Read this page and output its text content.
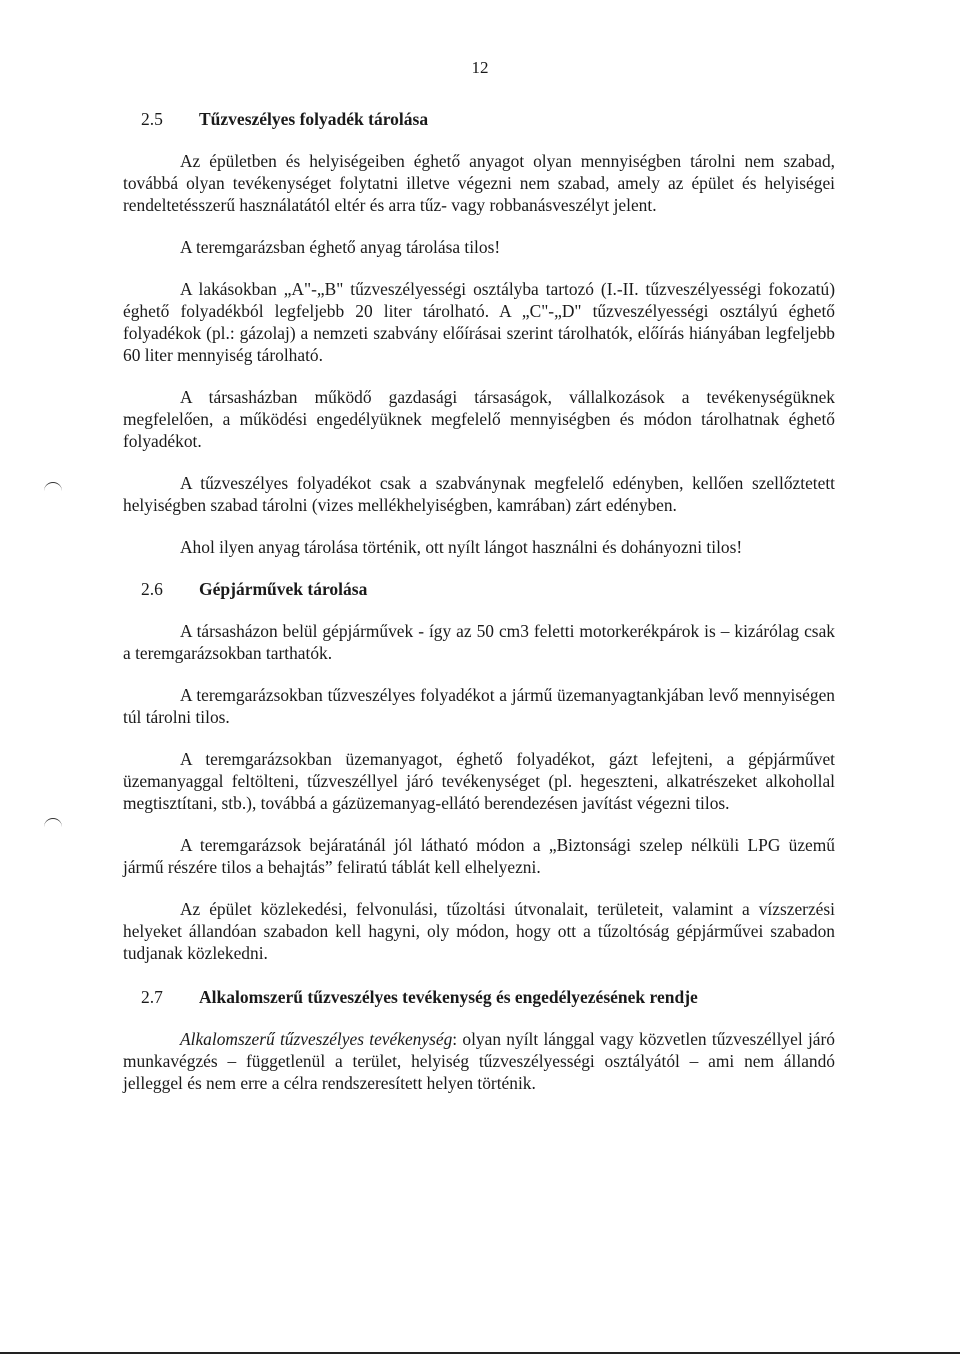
12
2.5	Tűzveszélyes folyadék tárolása

Az épületben és helyiségeiben éghető anyagot olyan mennyiségben tárolni nem szabad, továbbá olyan tevékenységet folytatni illetve végezni nem szabad, amely az épület és helyiségei rendeltetésszerű használatától eltér és arra tűz- vagy robbanásveszélyt jelent.

A teremgarázsban éghető anyag tárolása tilos!

A lakásokban „A"-„B" tűzveszélyességi osztályba tartozó (I.-II. tűzveszélyességi fokozatú) éghető folyadékból legfeljebb 20 liter tárolható. A „C"-„D" tűzveszélyességi osztályú éghető folyadékok (pl.: gázolaj) a nemzeti szabvány előírásai szerint tárolhatók, előírás hiányában legfeljebb 60 liter mennyiség tárolható.

A társasházban működő gazdasági társaságok, vállalkozások a tevékenységüknek megfelelően, a működési engedélyüknek megfelelő mennyiségben és módon tárolhatnak éghető folyadékot.

A tűzveszélyes folyadékot csak a szabványnak megfelelő edényben, kellően szellőztetett helyiségben szabad tárolni (vizes mellékhelyiségben, kamrában) zárt edényben.

Ahol ilyen anyag tárolása történik, ott nyílt lángot használni és dohányozni tilos!

2.6	Gépjárművek tárolása

A társasházon belül gépjárművek - így az 50 cm3 feletti motorkerékpárok is – kizárólag csak a teremgarázsokban tarthatók.

A teremgarázsokban tűzveszélyes folyadékot a jármű üzemanyagtankjában levő mennyiségen túl tárolni tilos.

A teremgarázsokban üzemanyagot, éghető folyadékot, gázt lefejteni, a gépjárművet üzemanyaggal feltölteni, tűzveszéllyel járó tevékenységet (pl. hegeszteni, alkatrészeket alkohollal megtisztítani, stb.), továbbá a gázüzemanyag-ellátó berendezésen javítást végezni tilos.

A teremgarázsok bejáratánál jól látható módon a „Biztonsági szelep nélküli LPG üzemű jármű részére tilos a behajtás” feliratú táblát kell elhelyezni.

Az épület közlekedési, felvonulási, tűzoltási útvonalait, területeit, valamint a vízszerzési helyeket állandóan szabadon kell hagyni, oly módon, hogy ott a tűzoltóság gépjárművei szabadon tudjanak közlekedni.

2.7	Alkalomszerű tűzveszélyes tevékenység és engedélyezésének rendje

Alkalomszerű tűzveszélyes tevékenység: olyan nyílt lánggal vagy közvetlen tűzveszéllyel járó munkavégzés – függetlenül a terület, helyiség tűzveszélyességi osztályától – ami nem állandó jelleggel és nem erre a célra rendszeresített helyen történik.
